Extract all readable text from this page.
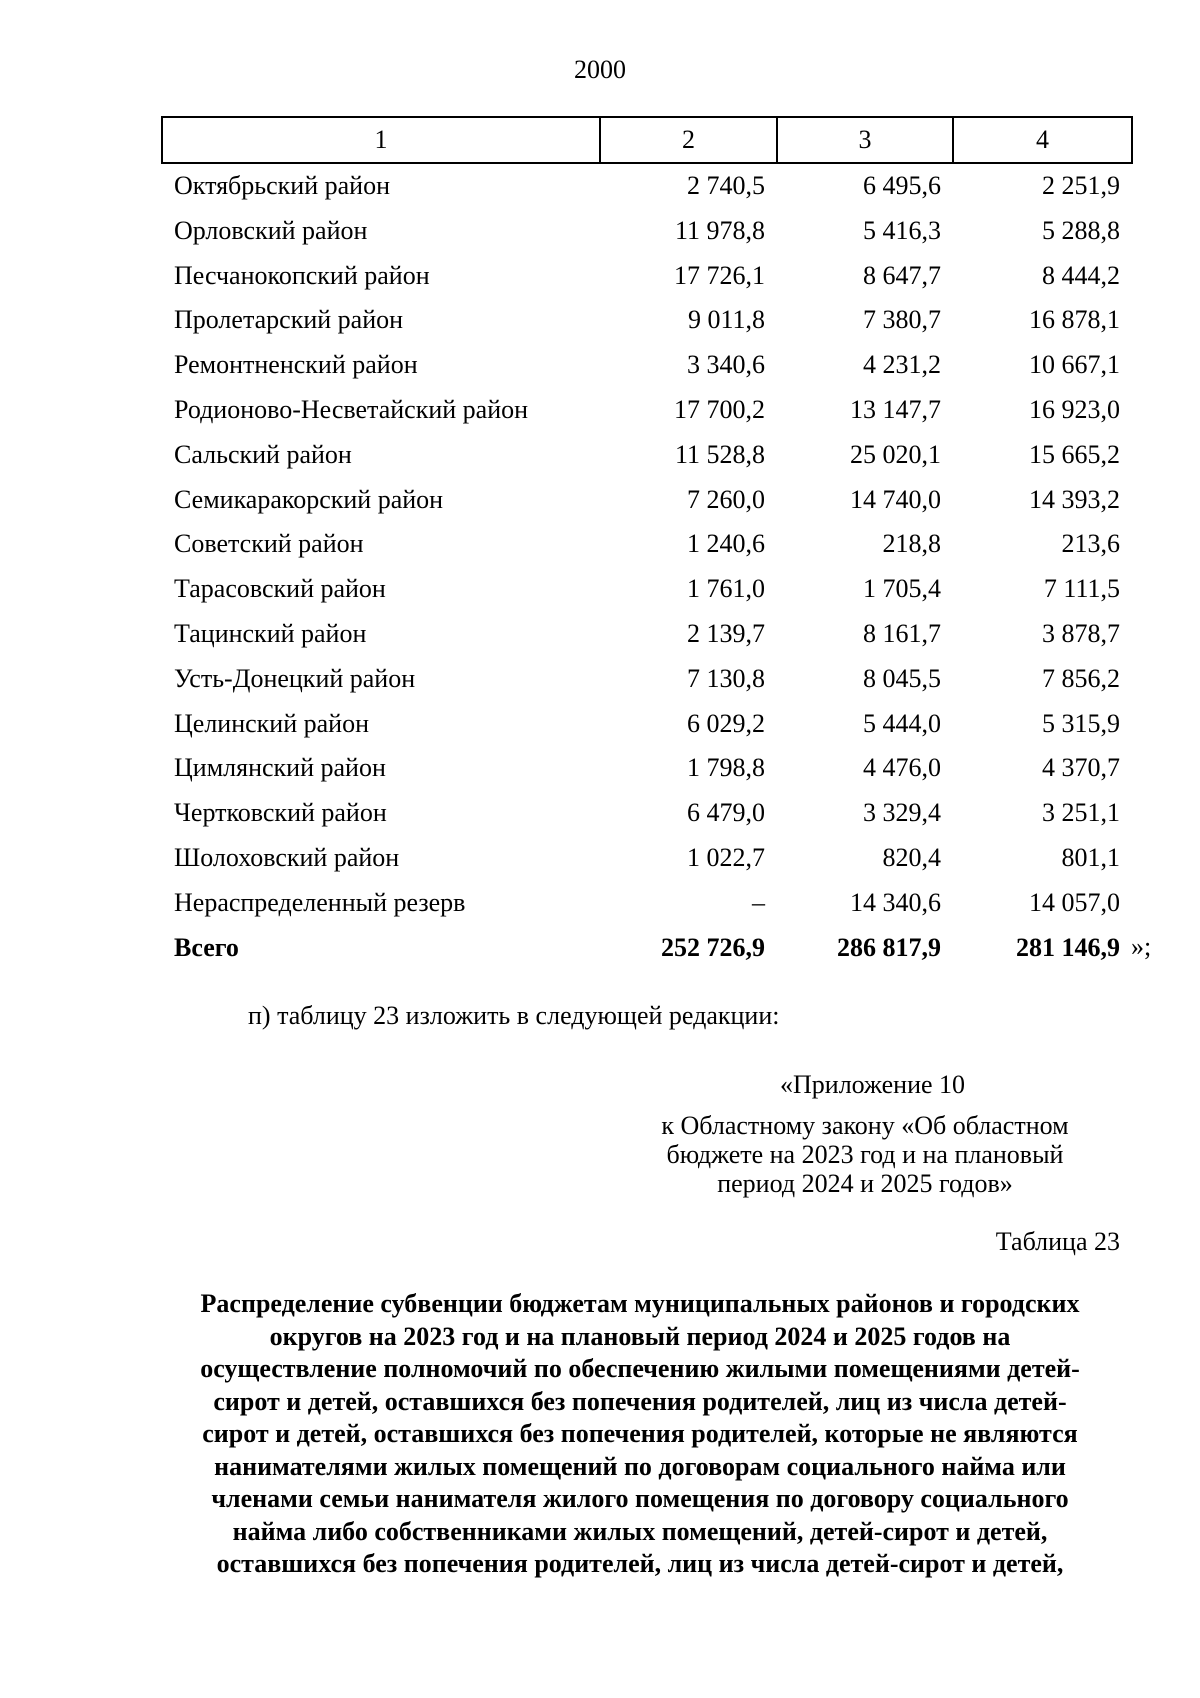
2000
1	2	3	4
Октябрьский район	2 740,5	6 495,6	2 251,9
Орловский район	11 978,8	5 416,3	5 288,8
Песчанокопский район	17 726,1	8 647,7	8 444,2
Пролетарский район	9 011,8	7 380,7	16 878,1
Ремонтненский район	3 340,6	4 231,2	10 667,1
Родионово-Несветайский район	17 700,2	13 147,7	16 923,0
Сальский район	11 528,8	25 020,1	15 665,2
Семикаракорский район	7 260,0	14 740,0	14 393,2
Советский район	1 240,6	218,8	213,6
Тарасовский район	1 761,0	1 705,4	7 111,5
Тацинский район	2 139,7	8 161,7	3 878,7
Усть-Донецкий район	7 130,8	8 045,5	7 856,2
Целинский район	6 029,2	5 444,0	5 315,9
Цимлянский район	1 798,8	4 476,0	4 370,7
Чертковский район	6 479,0	3 329,4	3 251,1
Шолоховский район	1 022,7	820,4	801,1
Нераспределенный резерв	–	14 340,6	14 057,0
Всего	252 726,9	286 817,9	281 146,9 »;
п) таблицу 23 изложить в следующей редакции:
«Приложение 10
к Областному закону «Об областном
бюджете на 2023 год и на плановый
период 2024 и 2025 годов»
Таблица 23
Распределение субвенции бюджетам муниципальных районов и городских
округов на 2023 год и на плановый период 2024 и 2025 годов на
осуществление полномочий по обеспечению жилыми помещениями детей-
сирот и детей, оставшихся без попечения родителей, лиц из числа детей-
сирот и детей, оставшихся без попечения родителей, которые не являются
нанимателями жилых помещений по договорам социального найма или
членами семьи нанимателя жилого помещения по договору социального
найма либо собственниками жилых помещений, детей-сирот и детей,
оставшихся без попечения родителей, лиц из числа детей-сирот и детей,
